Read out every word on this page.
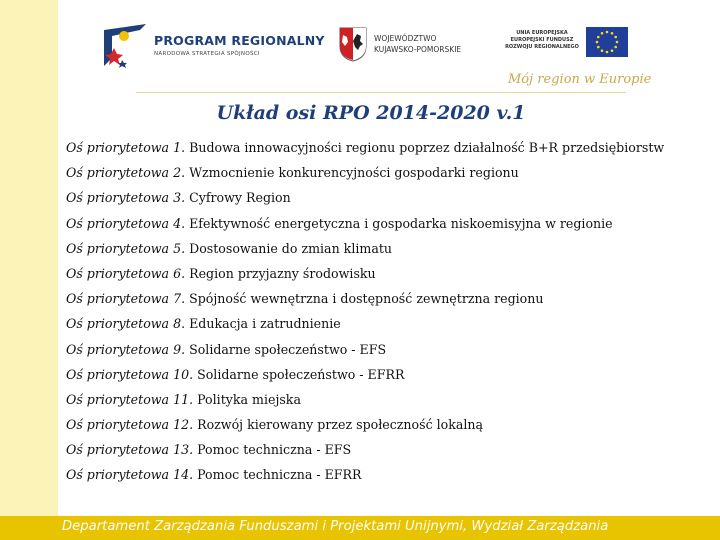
PROGRAM REGIONALNY
NARODOWA STRATEGIA SPÓJNOŚCI
WOJEWÓDZTWO
KUJAWSKO-POMORSKIE
UNIA EUROPEJSKA
EUROPEJSKI FUNDUSZ
ROZWOJU REGIONALNEGO
Mój region w Europie
Układ osi RPO 2014-2020 v.1
Oś priorytetowa 1. Budowa innowacyjności regionu poprzez działalność B+R przedsiębiorstw
Oś priorytetowa 2. Wzmocnienie konkurencyjności gospodarki regionu
Oś priorytetowa 3. Cyfrowy Region
Oś priorytetowa 4. Efektywność energetyczna i gospodarka niskoemisyjna w regionie
Oś priorytetowa 5. Dostosowanie do zmian klimatu
Oś priorytetowa 6. Region przyjazny środowisku
Oś priorytetowa 7. Spójność wewnętrzna i dostępność zewnętrzna regionu
Oś priorytetowa 8. Edukacja i zatrudnienie
Oś priorytetowa 9. Solidarne społeczeństwo - EFS
Oś priorytetowa 10. Solidarne społeczeństwo - EFRR
Oś priorytetowa 11. Polityka miejska
Oś priorytetowa 12. Rozwój kierowany przez społeczność lokalną
Oś priorytetowa 13. Pomoc techniczna - EFS
Oś priorytetowa 14. Pomoc techniczna - EFRR
Departament Zarządzania Funduszami i Projektami Unijnymi, Wydział Zarządzania
